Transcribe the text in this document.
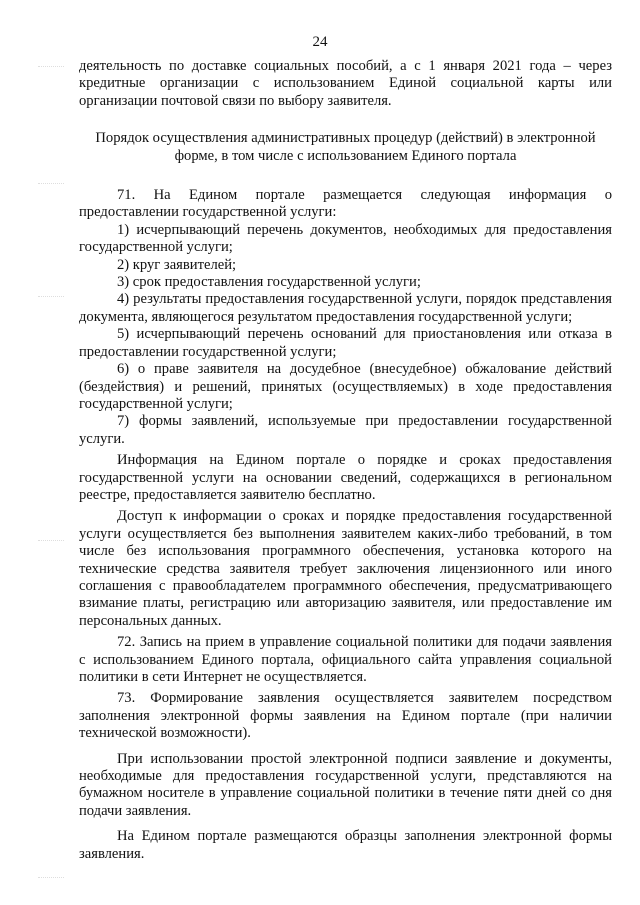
24

деятельность по доставке социальных пособий, а с 1 января 2021 года – через кредитные организации с использованием Единой социальной карты или организации почтовой связи по выбору заявителя.

Порядок осуществления административных процедур (действий) в электронной
форме, в том числе с использованием Единого портала

71. На Едином портале размещается следующая информация о предоставлении государственной услуги:

1) исчерпывающий перечень документов, необходимых для предоставления государственной услуги;

2) круг заявителей;

3) срок предоставления государственной услуги;

4) результаты предоставления государственной услуги, порядок представления документа, являющегося результатом предоставления государственной услуги;

5) исчерпывающий перечень оснований для приостановления или отказа в предоставлении государственной услуги;

6) о праве заявителя на досудебное (внесудебное) обжалование действий (бездействия) и решений, принятых (осуществляемых) в ходе предоставления государственной услуги;

7) формы заявлений, используемые при предоставлении государственной услуги.

Информация на Едином портале о порядке и сроках предоставления государственной услуги на основании сведений, содержащихся в региональном реестре, предоставляется заявителю бесплатно.

Доступ к информации о сроках и порядке предоставления государственной услуги осуществляется без выполнения заявителем каких-либо требований, в том числе без использования программного обеспечения, установка которого на технические средства заявителя требует заключения лицензионного или иного соглашения с правообладателем программного обеспечения, предусматривающего взимание платы, регистрацию или авторизацию заявителя, или предоставление им персональных данных.

72. Запись на прием в управление социальной политики для подачи заявления с использованием Единого портала, официального сайта управления социальной политики в сети Интернет не осуществляется.

73. Формирование заявления осуществляется заявителем посредством заполнения электронной формы заявления на Едином портале (при наличии технической возможности).

При использовании простой электронной подписи заявление и документы, необходимые для предоставления государственной услуги, представляются на бумажном носителе в управление социальной политики в течение пяти дней со дня подачи заявления.

На Едином портале размещаются образцы заполнения электронной формы заявления.
